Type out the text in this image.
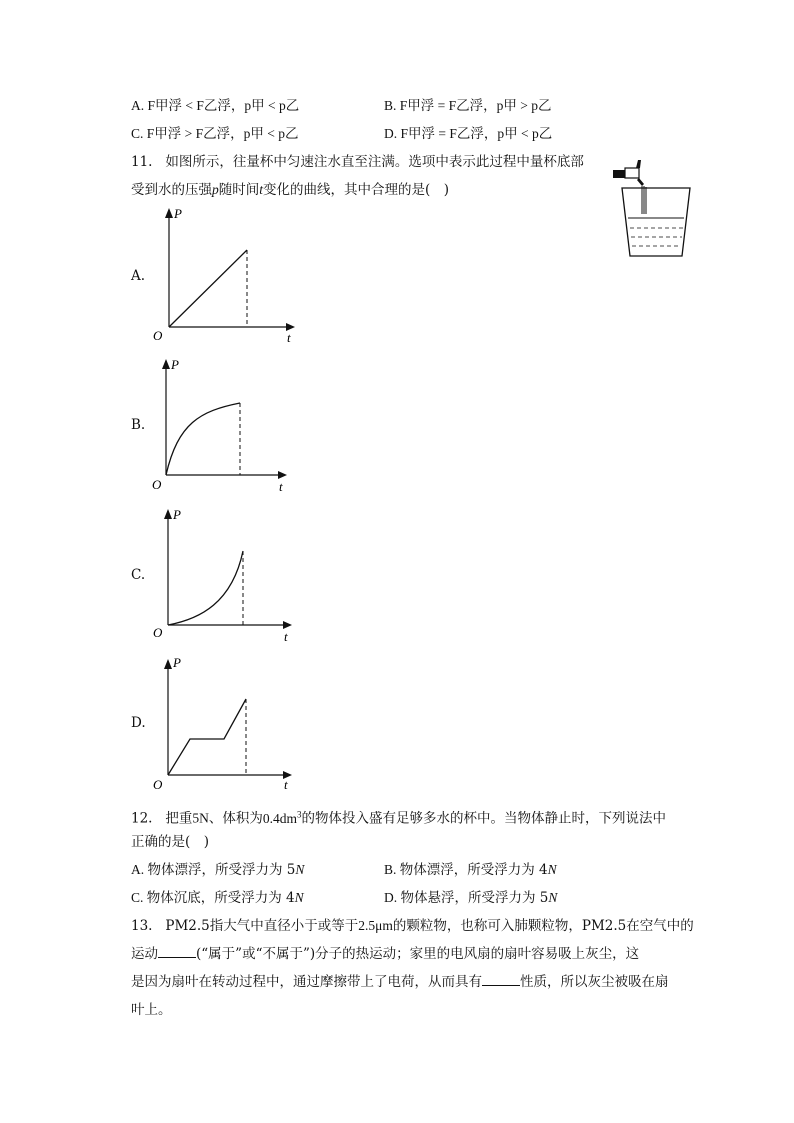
A. F甲浮 < F乙浮，p甲 < p乙	B. F甲浮 = F乙浮，p甲 > p乙
C. F甲浮 > F乙浮，p甲 < p乙	D. F甲浮 = F乙浮，p甲 < p乙
11. 如图所示，往量杯中匀速注水直至注满。选项中表示此过程中量杯底部
受到水的压强p随时间t变化的曲线，其中合理的是(　)
A.
P
t
O
B.
P
t
O
C.
P
t
O
D.
P
t
O
12. 把重5N、体积为$0.4dm^3$的物体投入盛有足够多水的杯中。当物体静止时，下列说法中
正确的是(　)
A. 物体漂浮，所受浮力为 5N	B. 物体漂浮，所受浮力为 4N
C. 物体沉底，所受浮力为 4N	D. 物体悬浮，所受浮力为 5N
13. PM2.5指大气中直径小于或等于2.5μm的颗粒物，也称可入肺颗粒物，PM2.5在空气中的
运动	(“属于”或“不属于”)分子的热运动；家里的电风扇的扇叶容易吸上灰尘，这
是因为扇叶在转动过程中，通过摩擦带上了电荷，从而具有	性质，所以灰尘被吸在扇
叶上。
